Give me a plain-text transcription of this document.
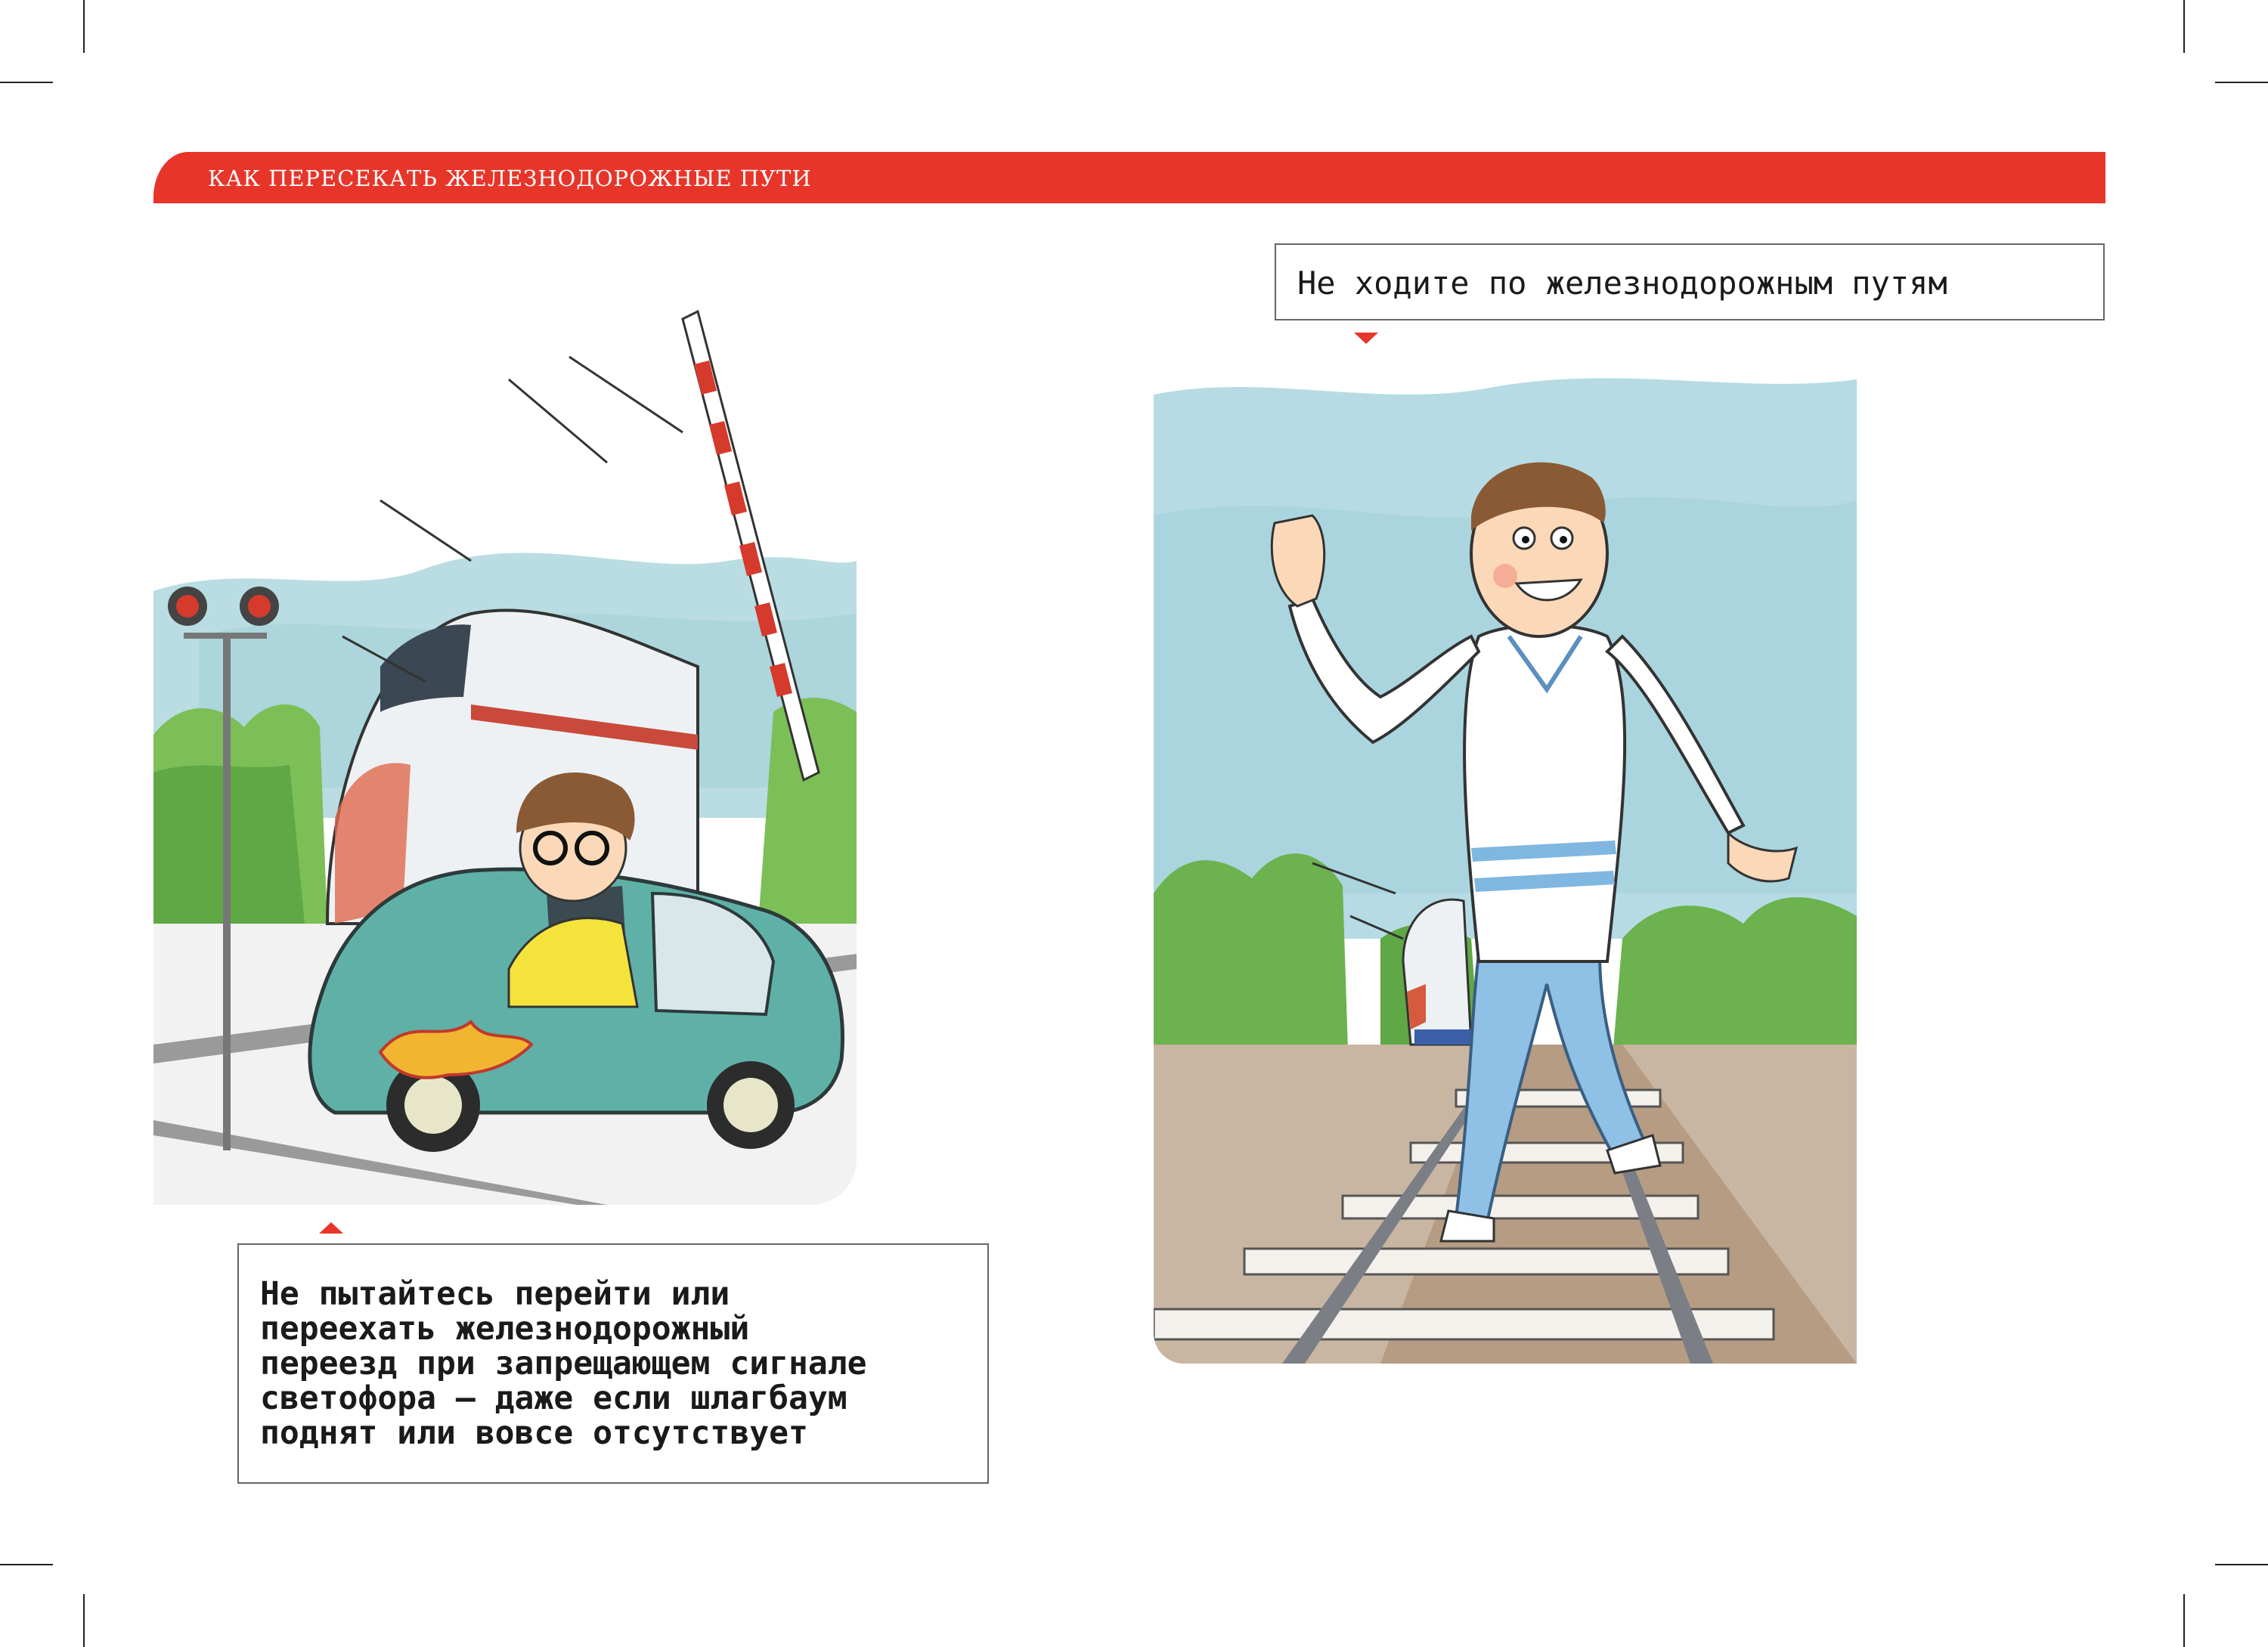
КАК ПЕРЕСЕКАТЬ ЖЕЛЕЗНОДОРОЖНЫЕ ПУТИ
Не ходите по железнодорожным путям
Не пытайтесь перейти или
переехать железнодорожный
переезд при запрещающем сигнале
светофора – даже если шлагбаум
поднят или вовсе отсутствует
